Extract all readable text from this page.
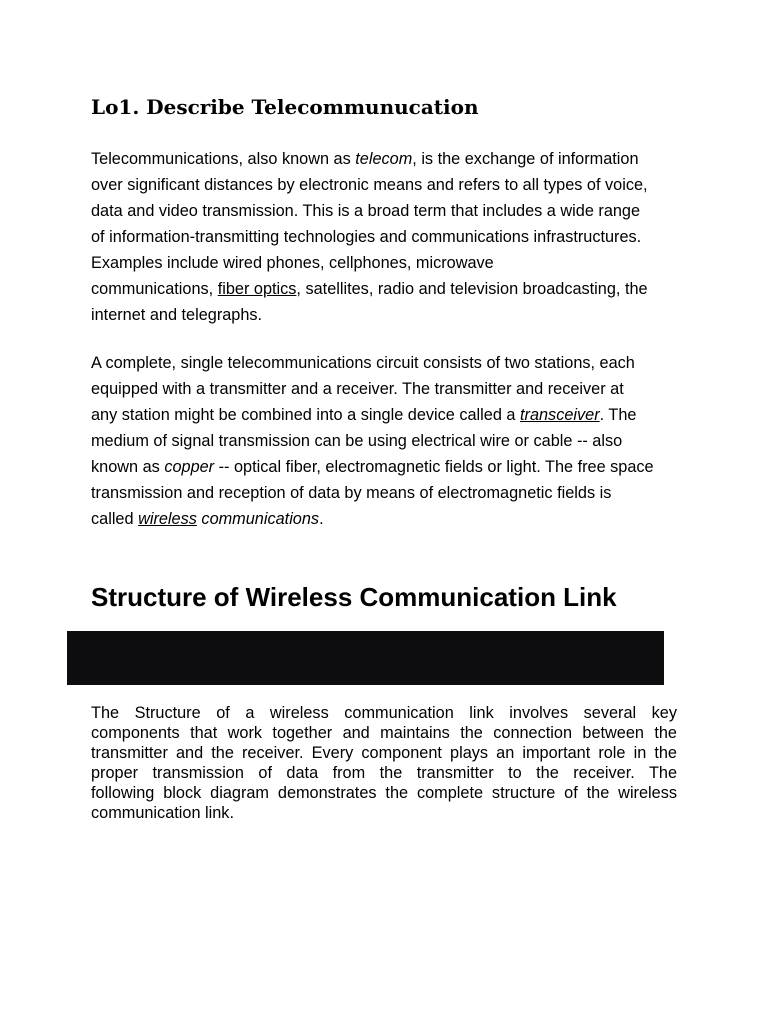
Lo1. Describe Telecommunucation

Telecommunications, also known as telecom, is the exchange of information
over significant distances by electronic means and refers to all types of voice,
data and video transmission. This is a broad term that includes a wide range
of information-transmitting technologies and communications infrastructures.
Examples include wired phones, cellphones, microwave
communications, fiber optics, satellites, radio and television broadcasting, the
internet and telegraphs.

A complete, single telecommunications circuit consists of two stations, each
equipped with a transmitter and a receiver. The transmitter and receiver at
any station might be combined into a single device called a transceiver. The
medium of signal transmission can be using electrical wire or cable -- also
known as copper -- optical fiber, electromagnetic fields or light. The free space
transmission and reception of data by means of electromagnetic fields is
called wireless communications.

Structure of Wireless Communication Link

The Structure of a wireless communication link involves several key
components that work together and maintains the connection between the
transmitter and the receiver. Every component plays an important role in the
proper transmission of data from the transmitter to the receiver. The
following block diagram demonstrates the complete structure of the wireless
communication link.
